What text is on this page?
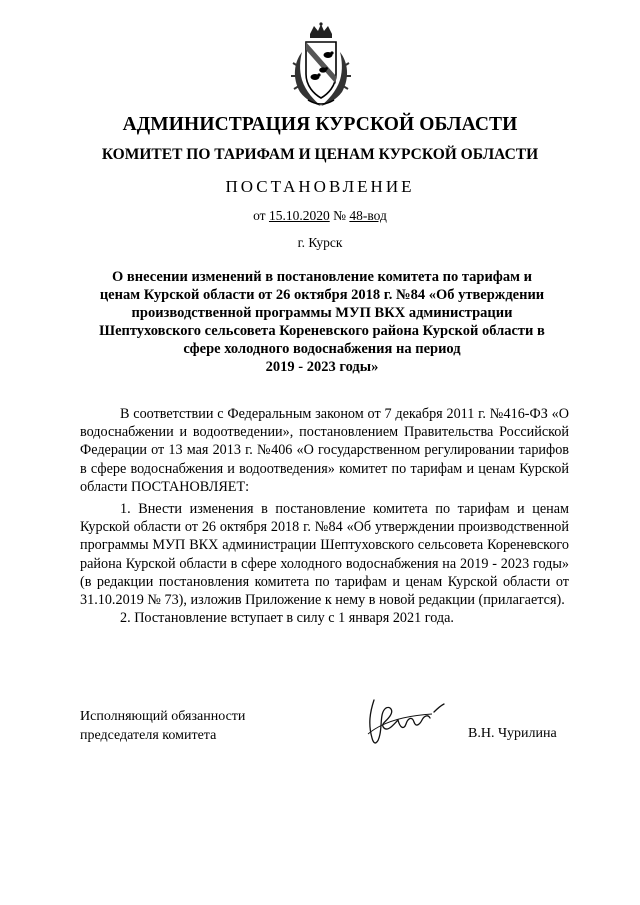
АДМИНИСТРАЦИЯ КУРСКОЙ ОБЛАСТИ
КОМИТЕТ ПО ТАРИФАМ И ЦЕНАМ КУРСКОЙ ОБЛАСТИ
ПОСТАНОВЛЕНИЕ
от 15.10.2020 № 48-вод
г. Курск
О внесении изменений в постановление комитета по тарифам и
ценам Курской области от 26 октября 2018 г. №84 «Об утверждении
производственной программы МУП ВКХ администрации
Шептуховского сельсовета Кореневского района Курской области в
сфере холодного водоснабжения на период
2019 - 2023 годы»

В соответствии с Федеральным законом от 7 декабря 2011 г. №416-ФЗ «О водоснабжении и водоотведении», постановлением Правительства Российской Федерации от 13 мая 2013 г. №406 «О государственном регулировании тарифов в сфере водоснабжения и водоотведения» комитет по тарифам и ценам Курской области ПОСТАНОВЛЯЕТ:

1. Внести изменения в постановление комитета по тарифам и ценам Курской области от 26 октября 2018 г. №84 «Об утверждении производственной программы МУП ВКХ администрации Шептуховского сельсовета Кореневского района Курской области в сфере холодного водоснабжения на 2019 - 2023 годы» (в редакции постановления комитета по тарифам и ценам Курской области от 31.10.2019 № 73), изложив Приложение к нему в новой редакции (прилагается).

2. Постановление вступает в силу с 1 января 2021 года.

Исполняющий обязанности
председателя комитета	В.Н. Чурилина
